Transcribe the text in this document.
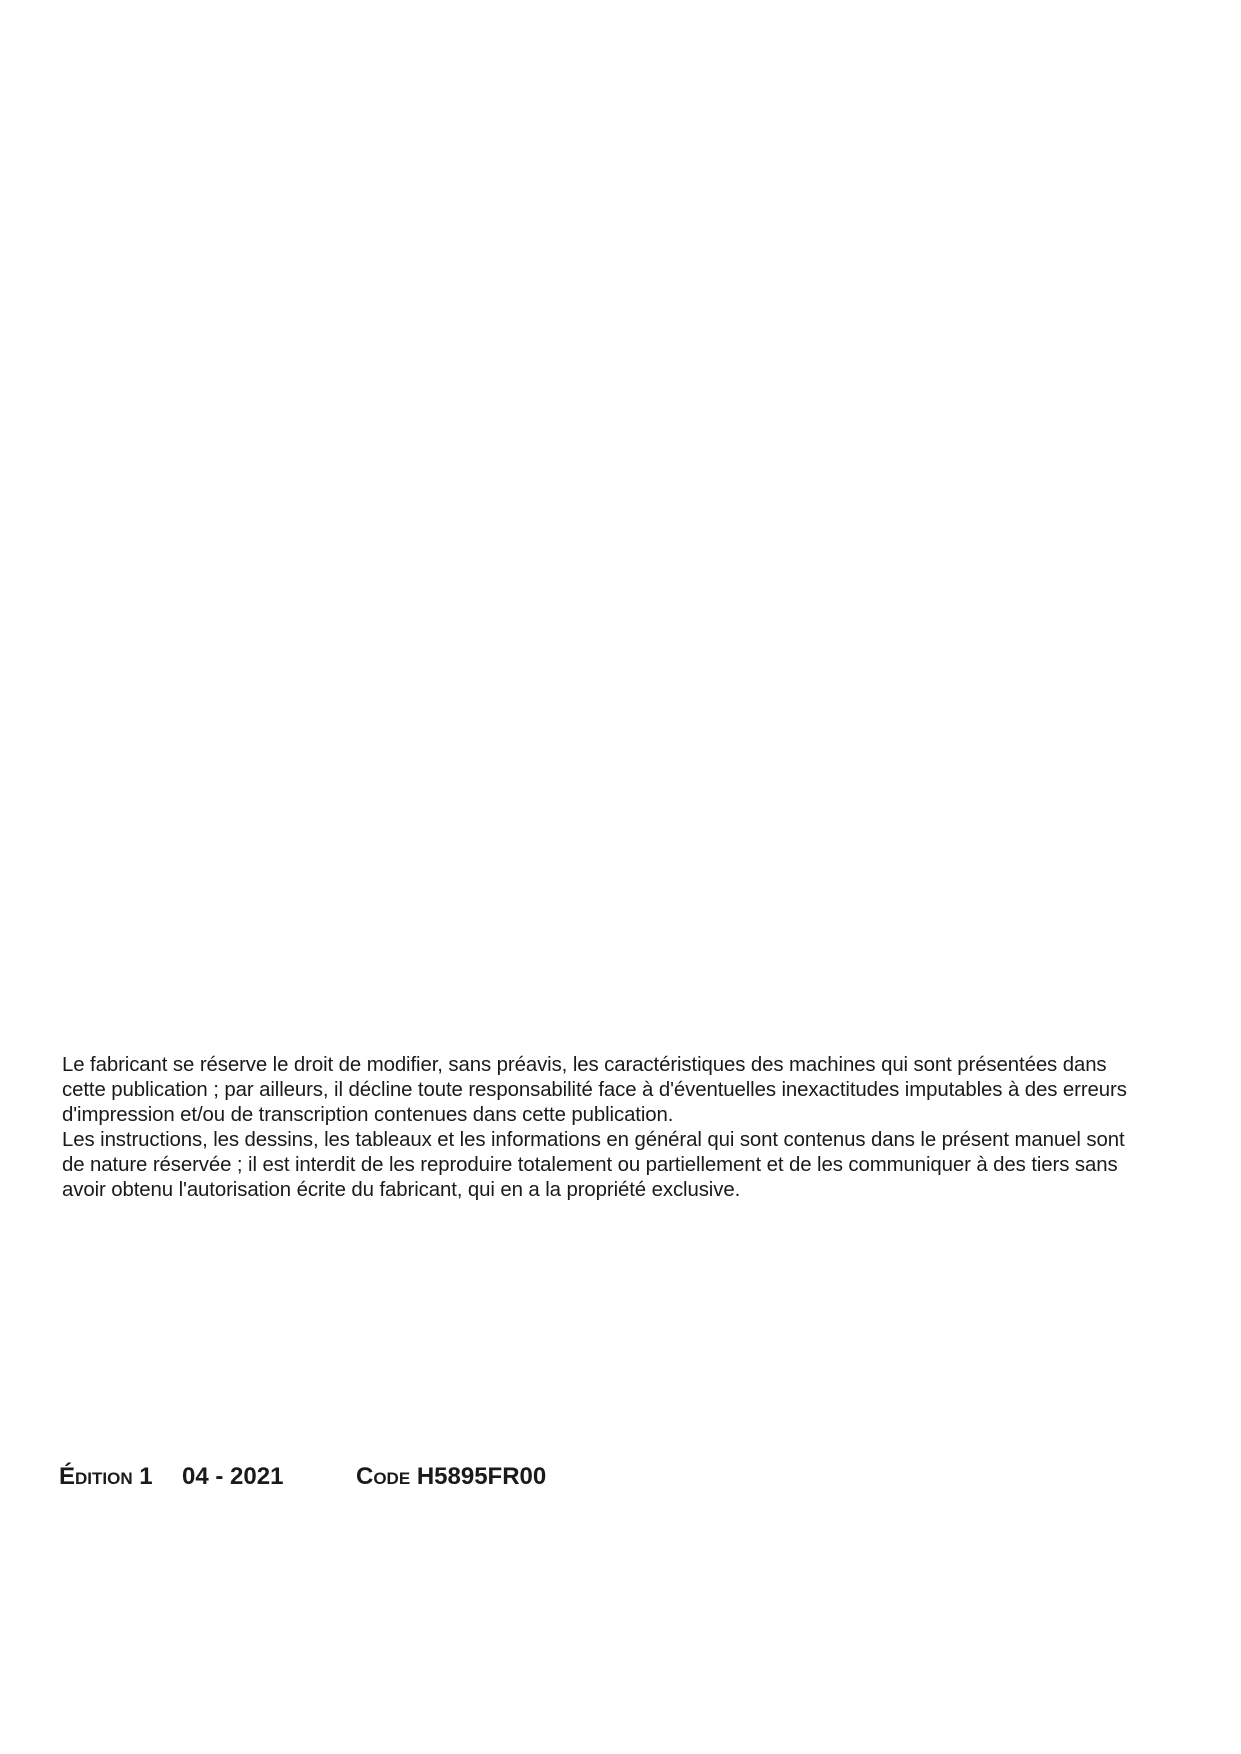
Le fabricant se réserve le droit de modifier, sans préavis, les caractéristiques des machines qui sont présentées dans cette publication ; par ailleurs, il décline toute responsabilité face à d'éventuelles inexactitudes imputables à des erreurs d'impression et/ou de transcription contenues dans cette publication.

Les instructions, les dessins, les tableaux et les informations en général qui sont contenus dans le présent manuel sont de nature réservée ; il est interdit de les reproduire totalement ou partiellement et de les communiquer à des tiers sans avoir obtenu l'autorisation écrite du fabricant, qui en a la propriété exclusive.

Édition 1 04 - 2021	Code H5895FR00
